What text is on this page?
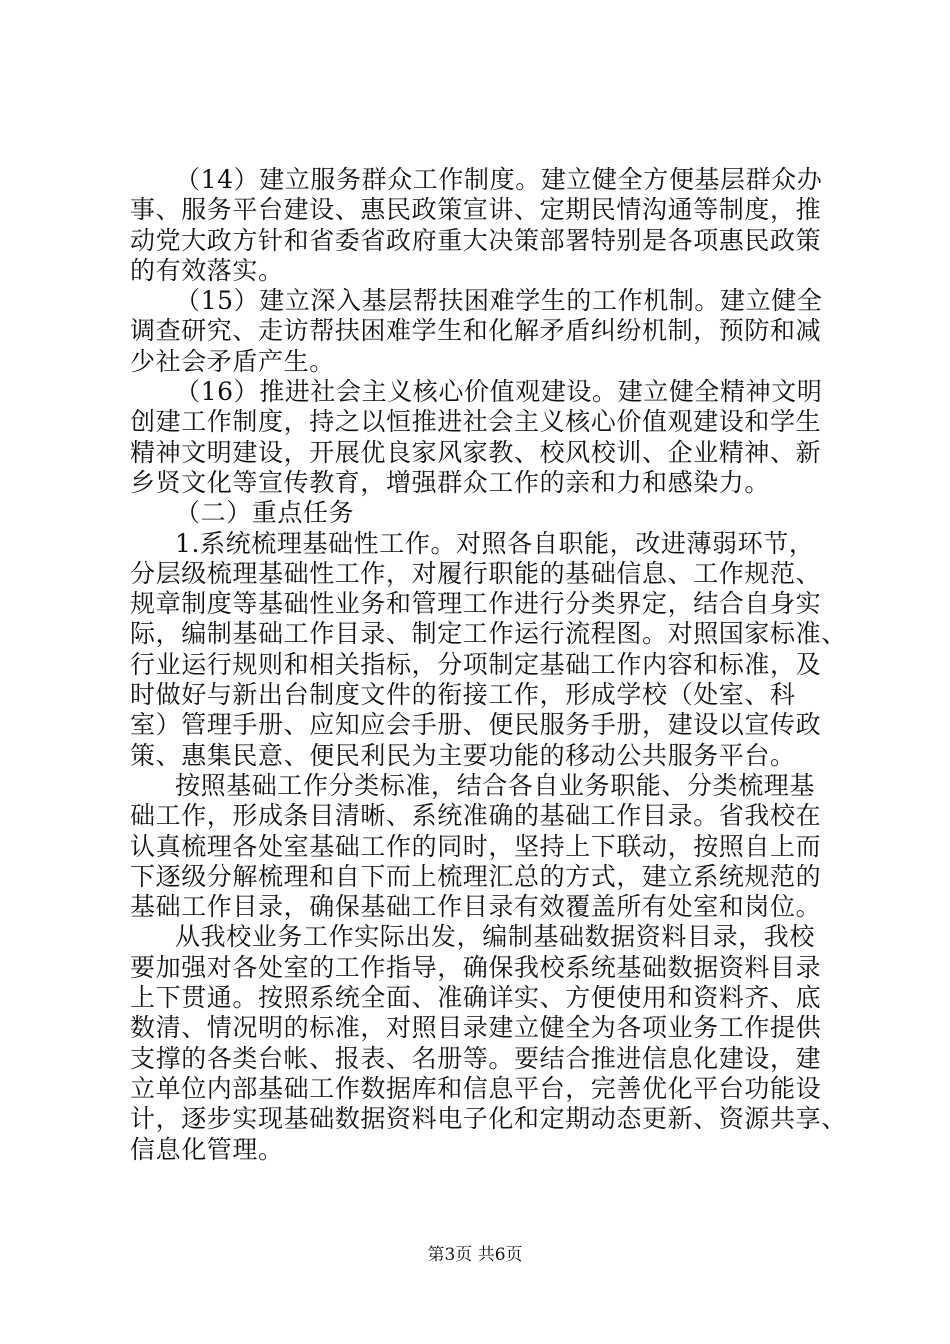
（14）建立服务群众工作制度。建立健全方便基层群众办
事、服务平台建设、惠民政策宣讲、定期民情沟通等制度，推
动党大政方针和省委省政府重大决策部署特别是各项惠民政策
的有效落实。
（15）建立深入基层帮扶困难学生的工作机制。建立健全
调查研究、走访帮扶困难学生和化解矛盾纠纷机制，预防和减
少社会矛盾产生。
（16）推进社会主义核心价值观建设。建立健全精神文明
创建工作制度，持之以恒推进社会主义核心价值观建设和学生
精神文明建设，开展优良家风家教、校风校训、企业精神、新
乡贤文化等宣传教育，增强群众工作的亲和力和感染力。
（二）重点任务
1.系统梳理基础性工作。对照各自职能，改进薄弱环节，
分层级梳理基础性工作，对履行职能的基础信息、工作规范、
规章制度等基础性业务和管理工作进行分类界定，结合自身实
际，编制基础工作目录、制定工作运行流程图。对照国家标准、
行业运行规则和相关指标，分项制定基础工作内容和标准，及
时做好与新出台制度文件的衔接工作，形成学校（处室、科
室）管理手册、应知应会手册、便民服务手册，建设以宣传政
策、惠集民意、便民利民为主要功能的移动公共服务平台。
按照基础工作分类标准，结合各自业务职能、分类梳理基
础工作，形成条目清晰、系统准确的基础工作目录。省我校在
认真梳理各处室基础工作的同时，坚持上下联动，按照自上而
下逐级分解梳理和自下而上梳理汇总的方式，建立系统规范的
基础工作目录，确保基础工作目录有效覆盖所有处室和岗位。
从我校业务工作实际出发，编制基础数据资料目录，我校
要加强对各处室的工作指导，确保我校系统基础数据资料目录
上下贯通。按照系统全面、准确详实、方便使用和资料齐、底
数清、情况明的标准，对照目录建立健全为各项业务工作提供
支撑的各类台帐、报表、名册等。要结合推进信息化建设，建
立单位内部基础工作数据库和信息平台，完善优化平台功能设
计，逐步实现基础数据资料电子化和定期动态更新、资源共享、
信息化管理。
第3页 共6页
